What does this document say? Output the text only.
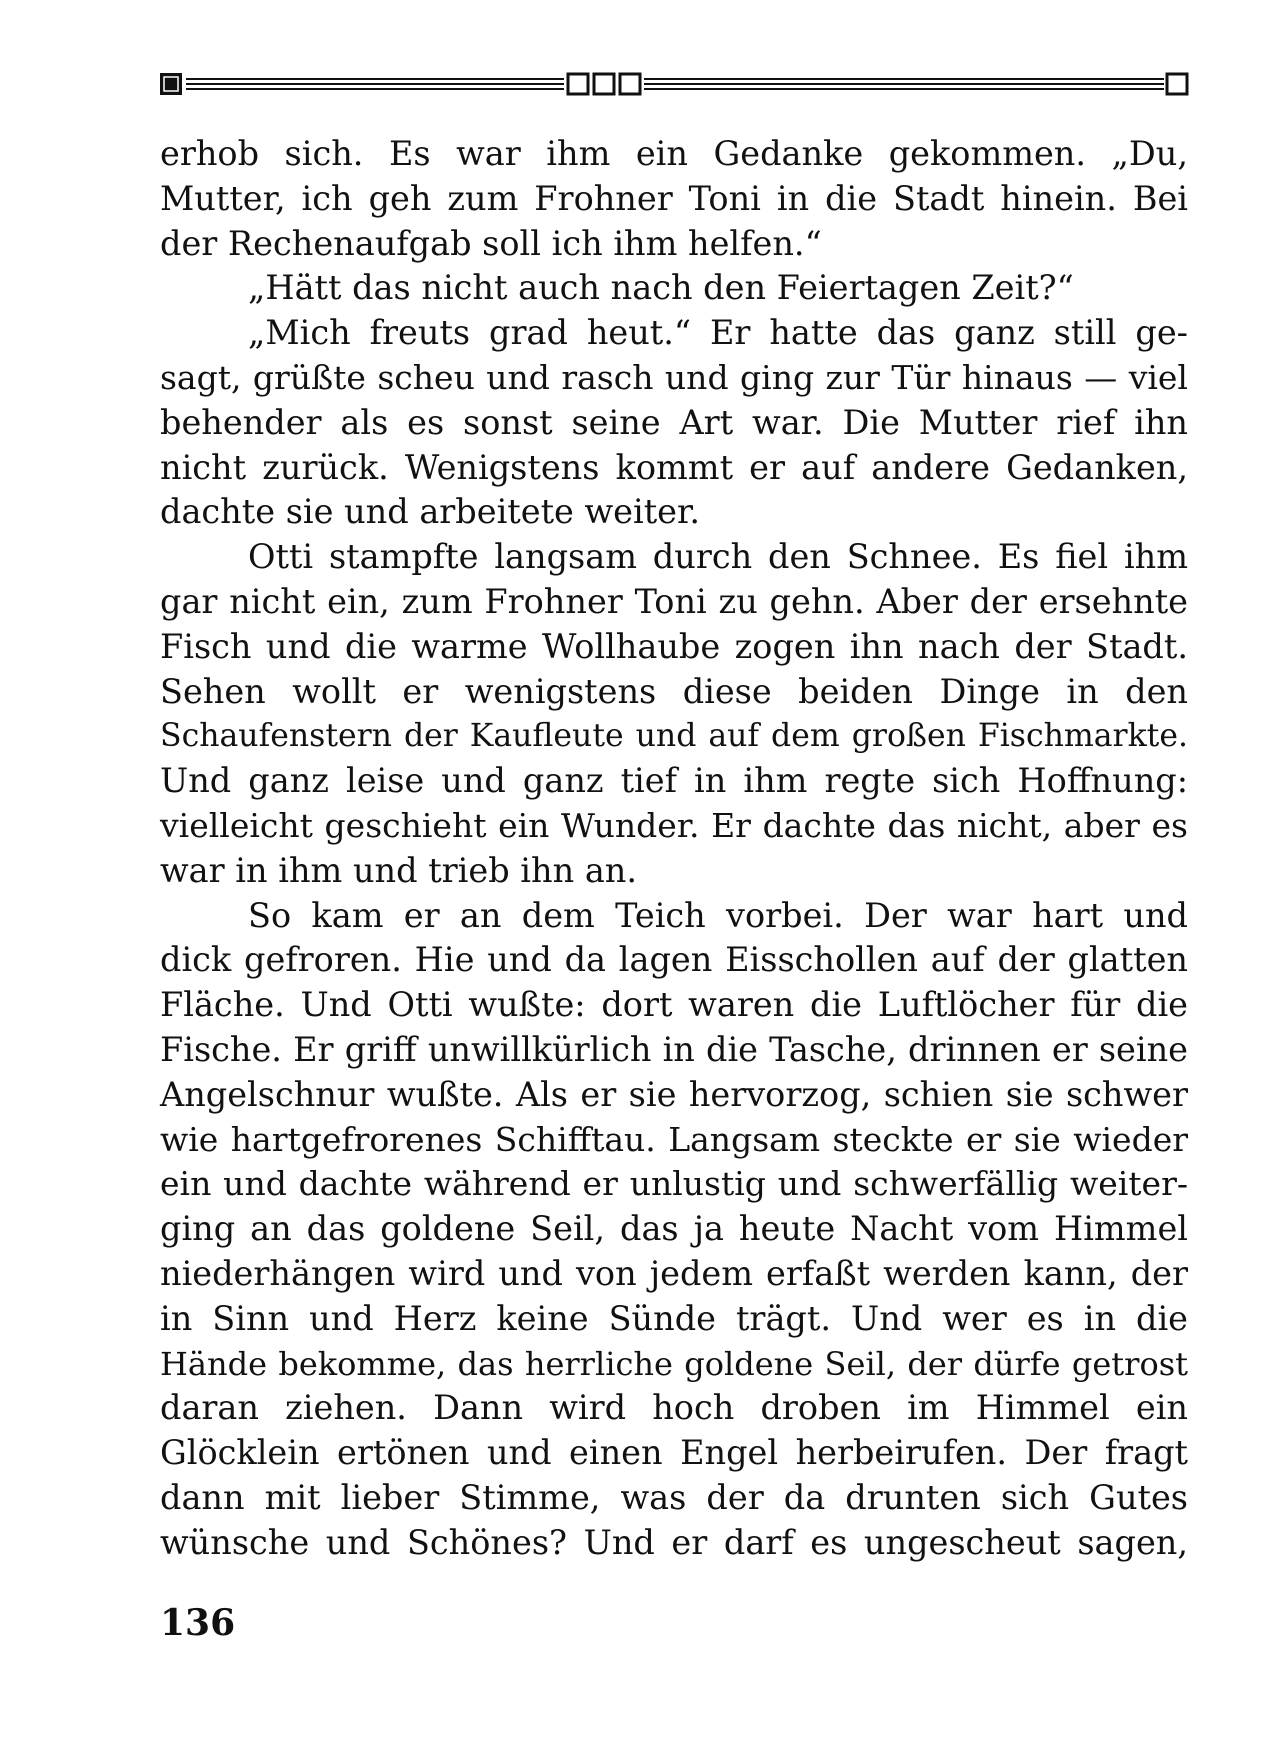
erhob sich. Es war ihm ein Gedanke gekommen. „Du,
Mutter, ich geh zum Frohner Toni in die Stadt hinein. Bei
der Rechenaufgab soll ich ihm helfen.“
„Hätt das nicht auch nach den Feiertagen Zeit?“
„Mich freuts grad heut.“ Er hatte das ganz still ge-
sagt, grüßte scheu und rasch und ging zur Tür hinaus — viel
behender als es sonst seine Art war. Die Mutter rief ihn
nicht zurück. Wenigstens kommt er auf andere Gedanken,
dachte sie und arbeitete weiter.
Otti stampfte langsam durch den Schnee. Es fiel ihm
gar nicht ein, zum Frohner Toni zu gehn. Aber der ersehnte
Fisch und die warme Wollhaube zogen ihn nach der Stadt.
Sehen wollt er wenigstens diese beiden Dinge in den
Schaufenstern der Kaufleute und auf dem großen Fischmarkte.
Und ganz leise und ganz tief in ihm regte sich Hoffnung:
vielleicht geschieht ein Wunder. Er dachte das nicht, aber es
war in ihm und trieb ihn an.
So kam er an dem Teich vorbei. Der war hart und
dick gefroren. Hie und da lagen Eisschollen auf der glatten
Fläche. Und Otti wußte: dort waren die Luftlöcher für die
Fische. Er griff unwillkürlich in die Tasche, drinnen er seine
Angelschnur wußte. Als er sie hervorzog, schien sie schwer
wie hartgefrorenes Schifftau. Langsam steckte er sie wieder
ein und dachte während er unlustig und schwerfällig weiter-
ging an das goldene Seil, das ja heute Nacht vom Himmel
niederhängen wird und von jedem erfaßt werden kann, der
in Sinn und Herz keine Sünde trägt. Und wer es in die
Hände bekomme, das herrliche goldene Seil, der dürfe getrost
daran ziehen. Dann wird hoch droben im Himmel ein
Glöcklein ertönen und einen Engel herbeirufen. Der fragt
dann mit lieber Stimme, was der da drunten sich Gutes
wünsche und Schönes? Und er darf es ungescheut sagen,
136
